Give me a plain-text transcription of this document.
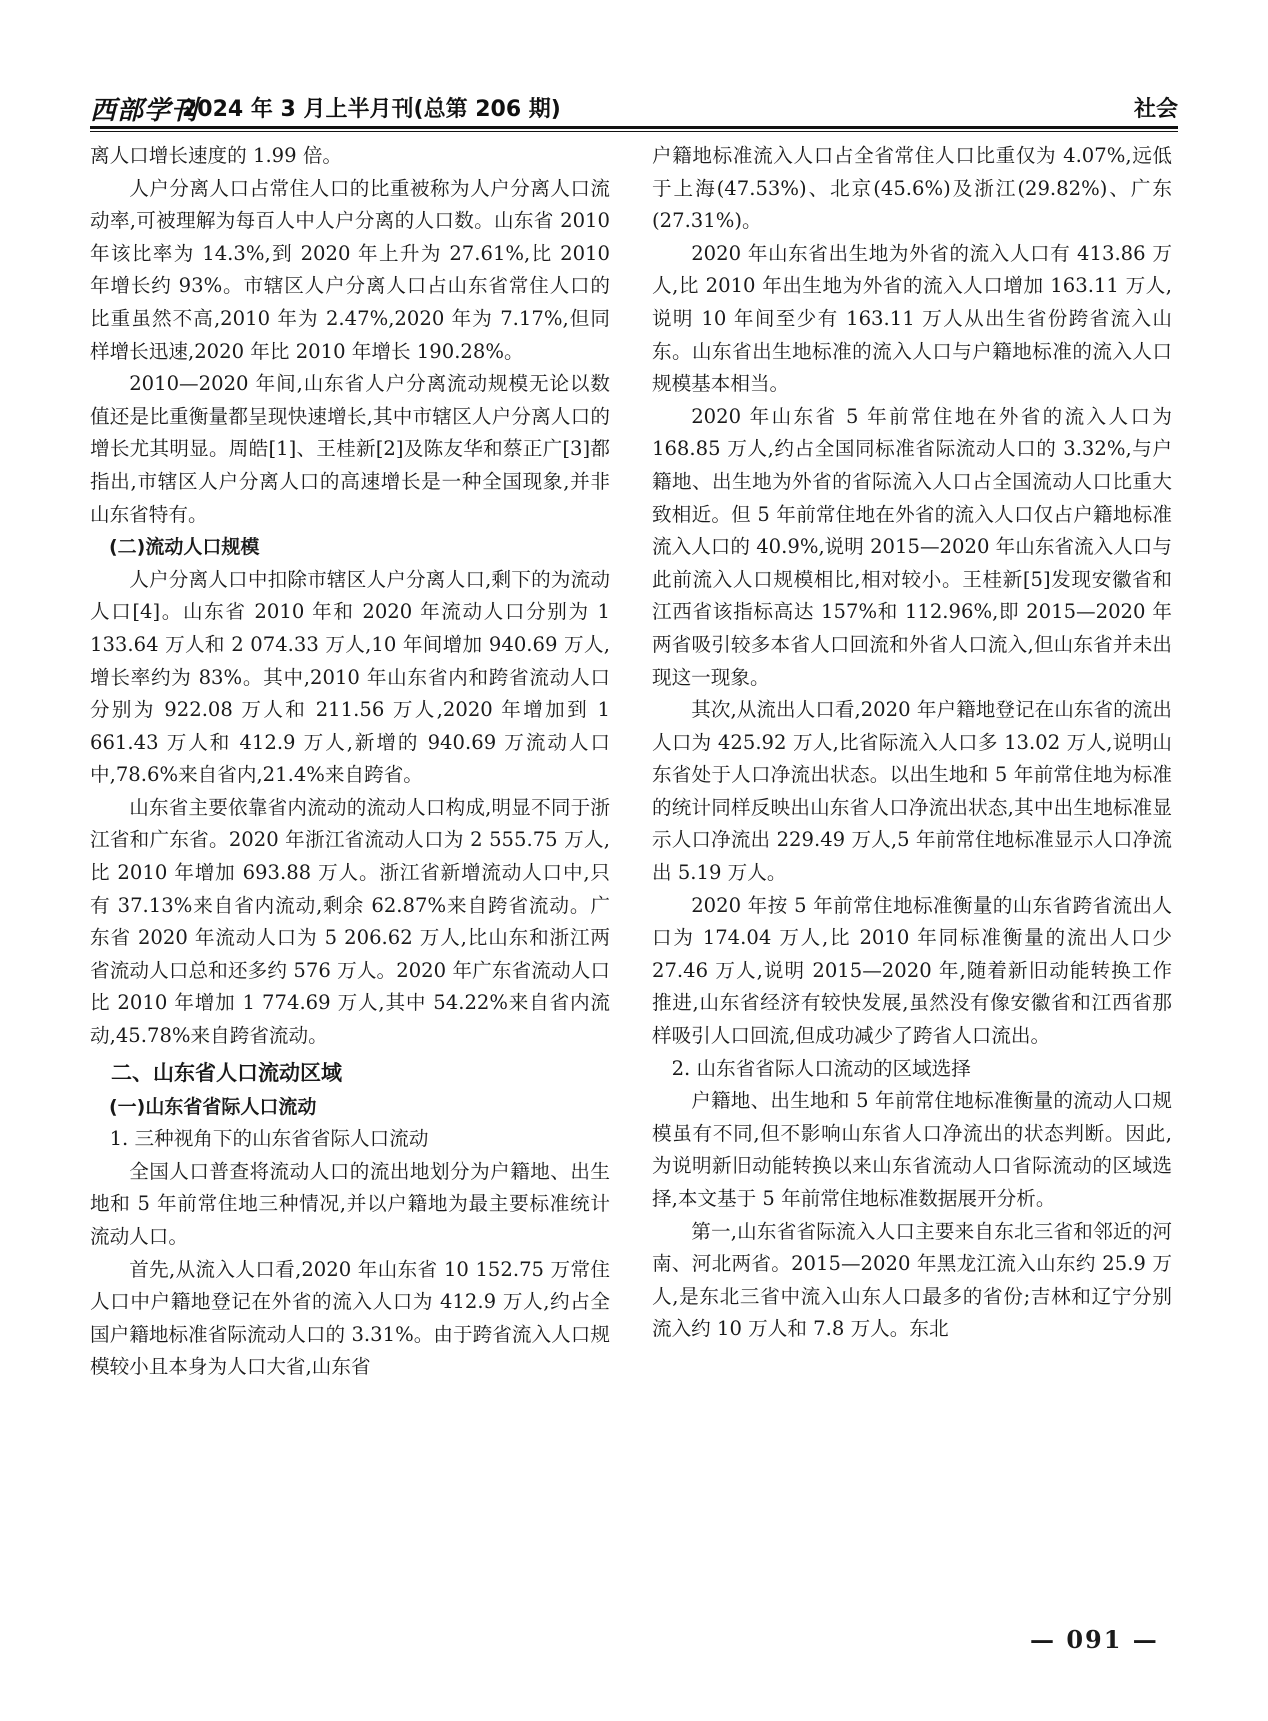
西部学刊
2024 年 3 月上半月刊(总第 206 期)	社会

离人口增长速度的 1.99 倍。

人户分离人口占常住人口的比重被称为人户分离人口流动率,可被理解为每百人中人户分离的人口数。山东省 2010 年该比率为 14.3%,到 2020 年上升为 27.61%,比 2010 年增长约 93%。市辖区人户分离人口占山东省常住人口的比重虽然不高,2010 年为 2.47%,2020 年为 7.17%,但同样增长迅速,2020 年比 2010 年增长 190.28%。

2010—2020 年间,山东省人户分离流动规模无论以数值还是比重衡量都呈现快速增长,其中市辖区人户分离人口的增长尤其明显。周皓[1]、王桂新[2]及陈友华和蔡正广[3]都指出,市辖区人户分离人口的高速增长是一种全国现象,并非山东省特有。

(二)流动人口规模

人户分离人口中扣除市辖区人户分离人口,剩下的为流动人口[4]。山东省 2010 年和 2020 年流动人口分别为 1 133.64 万人和 2 074.33 万人,10 年间增加 940.69 万人,增长率约为 83%。其中,2010 年山东省内和跨省流动人口分别为 922.08 万人和 211.56 万人,2020 年增加到 1 661.43 万人和 412.9 万人,新增的 940.69 万流动人口中,78.6%来自省内,21.4%来自跨省。

山东省主要依靠省内流动的流动人口构成,明显不同于浙江省和广东省。2020 年浙江省流动人口为 2 555.75 万人,比 2010 年增加 693.88 万人。浙江省新增流动人口中,只有 37.13%来自省内流动,剩余 62.87%来自跨省流动。广东省 2020 年流动人口为 5 206.62 万人,比山东和浙江两省流动人口总和还多约 576 万人。2020 年广东省流动人口比 2010 年增加 1 774.69 万人,其中 54.22%来自省内流动,45.78%来自跨省流动。

二、山东省人口流动区域
(一)山东省省际人口流动

1. 三种视角下的山东省省际人口流动

全国人口普查将流动人口的流出地划分为户籍地、出生地和 5 年前常住地三种情况,并以户籍地为最主要标准统计流动人口。

首先,从流入人口看,2020 年山东省 10 152.75 万常住人口中户籍地登记在外省的流入人口为 412.9 万人,约占全国户籍地标准省际流动人口的 3.31%。由于跨省流入人口规模较小且本身为人口大省,山东省

户籍地标准流入人口占全省常住人口比重仅为 4.07%,远低于上海(47.53%)、北京(45.6%)及浙江(29.82%)、广东(27.31%)。

2020 年山东省出生地为外省的流入人口有 413.86 万人,比 2010 年出生地为外省的流入人口增加 163.11 万人,说明 10 年间至少有 163.11 万人从出生省份跨省流入山东。山东省出生地标准的流入人口与户籍地标准的流入人口规模基本相当。

2020 年山东省 5 年前常住地在外省的流入人口为 168.85 万人,约占全国同标准省际流动人口的 3.32%,与户籍地、出生地为外省的省际流入人口占全国流动人口比重大致相近。但 5 年前常住地在外省的流入人口仅占户籍地标准流入人口的 40.9%,说明 2015—2020 年山东省流入人口与此前流入人口规模相比,相对较小。王桂新[5]发现安徽省和江西省该指标高达 157%和 112.96%,即 2015—2020 年两省吸引较多本省人口回流和外省人口流入,但山东省并未出现这一现象。

其次,从流出人口看,2020 年户籍地登记在山东省的流出人口为 425.92 万人,比省际流入人口多 13.02 万人,说明山东省处于人口净流出状态。以出生地和 5 年前常住地为标准的统计同样反映出山东省人口净流出状态,其中出生地标准显示人口净流出 229.49 万人,5 年前常住地标准显示人口净流出 5.19 万人。

2020 年按 5 年前常住地标准衡量的山东省跨省流出人口为 174.04 万人,比 2010 年同标准衡量的流出人口少 27.46 万人,说明 2015—2020 年,随着新旧动能转换工作推进,山东省经济有较快发展,虽然没有像安徽省和江西省那样吸引人口回流,但成功减少了跨省人口流出。

2. 山东省省际人口流动的区域选择

户籍地、出生地和 5 年前常住地标准衡量的流动人口规模虽有不同,但不影响山东省人口净流出的状态判断。因此,为说明新旧动能转换以来山东省流动人口省际流动的区域选择,本文基于 5 年前常住地标准数据展开分析。

第一,山东省省际流入人口主要来自东北三省和邻近的河南、河北两省。2015—2020 年黑龙江流入山东约 25.9 万人,是东北三省中流入山东人口最多的省份;吉林和辽宁分别流入约 10 万人和 7.8 万人。东北

— 091 —
